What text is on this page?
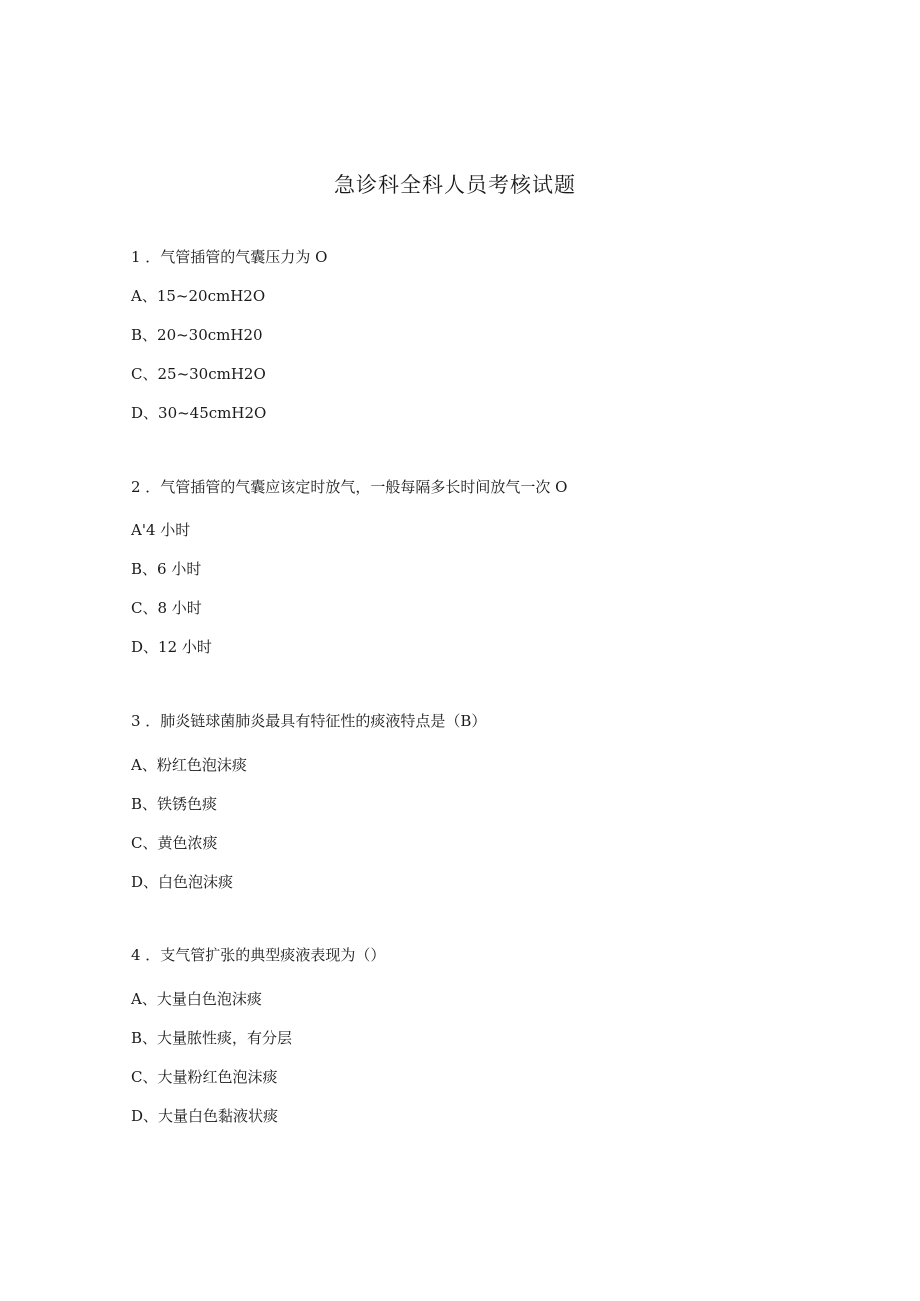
急诊科全科人员考核试题
1 ．气管插管的气囊压力为 O
A、15~20cmH2O
B、20~30cmH20
C、25~30cmH2O
D、30~45cmH2O
2 ．气管插管的气囊应该定时放气，一般每隔多长时间放气一次 O
A'4 小时
B、6 小时
C、8 小时
D、12 小时
3 ．肺炎链球菌肺炎最具有特征性的痰液特点是（B）
A、粉红色泡沫痰
B、铁锈色痰
C、黄色浓痰
D、白色泡沫痰
4 ．支气管扩张的典型痰液表现为（）
A、大量白色泡沫痰
B、大量脓性痰，有分层
C、大量粉红色泡沫痰
D、大量白色黏液状痰
